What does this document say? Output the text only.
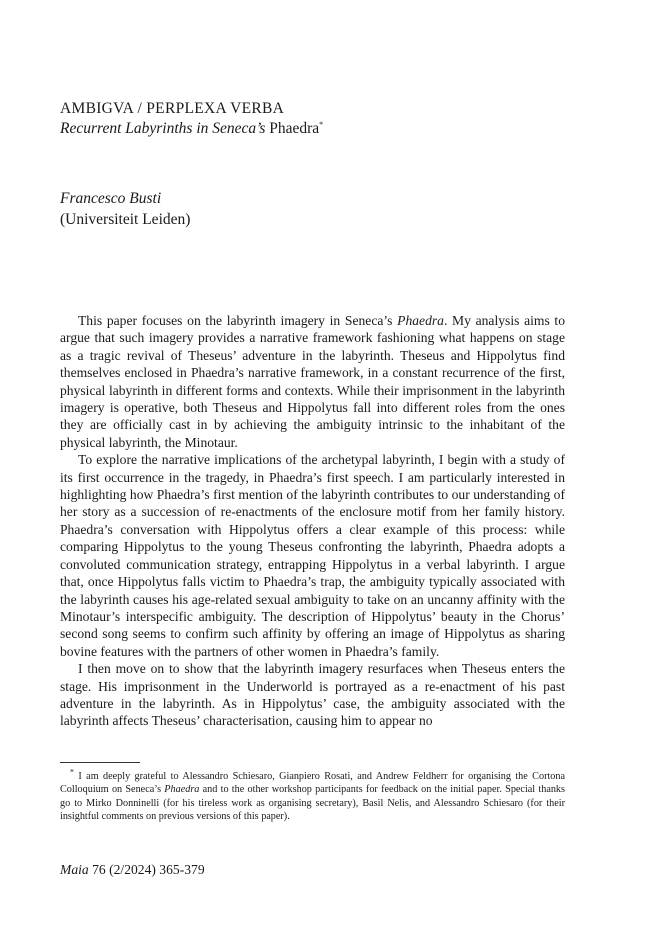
AMBIGVA / PERPLEXA VERBA
Recurrent Labyrinths in Seneca’s Phaedra*
Francesco Busti
(Universiteit Leiden)

This paper focuses on the labyrinth imagery in Seneca’s Phaedra. My analysis aims to argue that such imagery provides a narrative framework fashioning what happens on stage as a tragic revival of Theseus’ adventure in the labyrinth. Theseus and Hippolytus find themselves enclosed in Phaedra’s narrative framework, in a constant recurrence of the first, physical labyrinth in different forms and contexts. While their imprisonment in the labyrinth imagery is operative, both Theseus and Hippolytus fall into different roles from the ones they are officially cast in by achieving the ambiguity intrinsic to the inhabitant of the physical labyrinth, the Minotaur.

To explore the narrative implications of the archetypal labyrinth, I begin with a study of its first occurrence in the tragedy, in Phaedra’s first speech. I am particularly interested in highlighting how Phaedra’s first mention of the labyrinth contributes to our understanding of her story as a succession of re-enactments of the enclosure motif from her family history. Phaedra’s conversation with Hippolytus offers a clear example of this process: while comparing Hippolytus to the young Theseus confronting the labyrinth, Phaedra adopts a convoluted communication strategy, entrapping Hippolytus in a verbal labyrinth. I argue that, once Hippolytus falls victim to Phaedra’s trap, the ambiguity typically associated with the labyrinth causes his age-related sexual ambiguity to take on an uncanny affinity with the Minotaur’s interspecific ambiguity. The description of Hippolytus’ beauty in the Chorus’ second song seems to confirm such affinity by offering an image of Hippolytus as sharing bovine features with the partners of other women in Phaedra’s family.

I then move on to show that the labyrinth imagery resurfaces when Theseus enters the stage. His imprisonment in the Underworld is portrayed as a re-enactment of his past adventure in the labyrinth. As in Hippolytus’ case, the ambiguity associated with the labyrinth affects Theseus’ characterisation, causing him to appear no

* I am deeply grateful to Alessandro Schiesaro, Gianpiero Rosati, and Andrew Feldherr for organising the Cortona Colloquium on Seneca’s Phaedra and to the other workshop participants for feedback on the initial paper. Special thanks go to Mirko Donninelli (for his tireless work as organising secretary), Basil Nelis, and Alessandro Schiesaro (for their insightful comments on previous versions of this paper).

Maia 76 (2/2024) 365-379
